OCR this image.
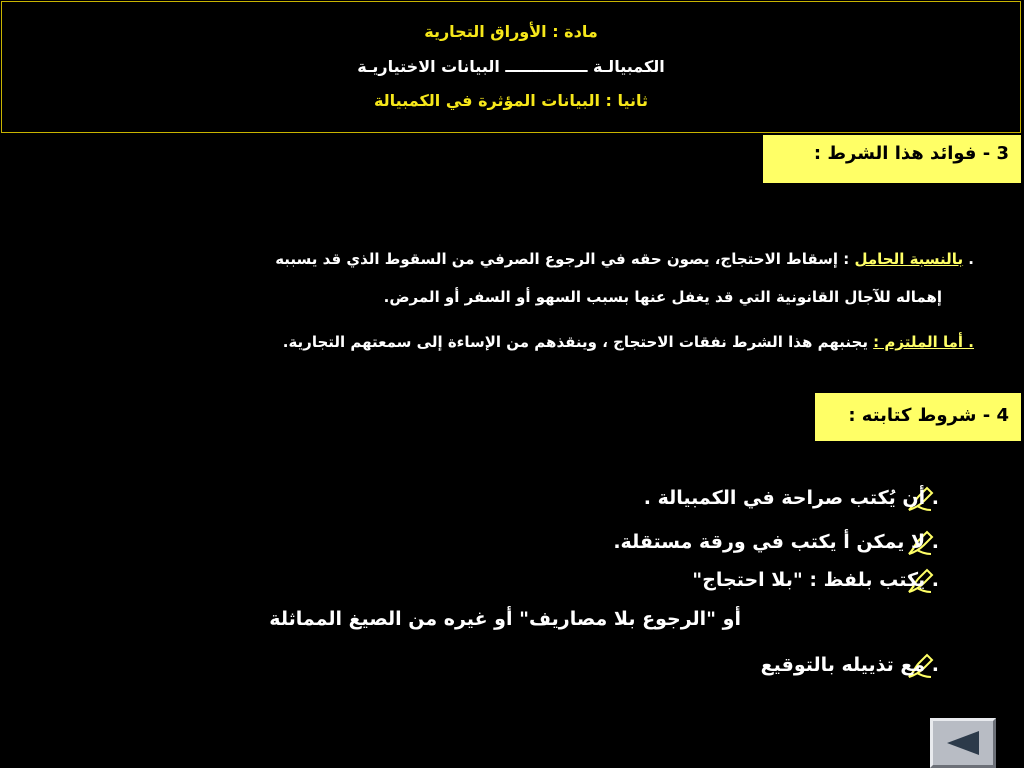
مادة : الأوراق التجارية
الكمبيالـة ـــــــــــــــ البيانات الاختياريـة
ثانيا : البيانات المؤثرة في الكمبيالة
3 - فوائد هذا الشرط :
. بالنسبة الحامل : إسقاط الاحتجاج، يصون حقه في الرجوع الصرفي من السقوط الذي قد يسببه
إهماله للآجال القانونية التي قد يغفل عنها بسبب السهو أو السفر أو المرض.
. أما الملتزم : يجنبهم هذا الشرط نفقات الاحتجاج ، وينقذهم من الإساءة إلى سمعتهم التجارية.
4 - شروط كتابته :
. أن يُكتب صراحة في الكمبيالة .
. لا يمكن أ يكتب في ورقة مستقلة.
. يكتب بلفظ : "بلا احتجاج"
أو "الرجوع بلا مصاريف" أو غيره من الصيغ المماثلة
. مع تذييله بالتوقيع
